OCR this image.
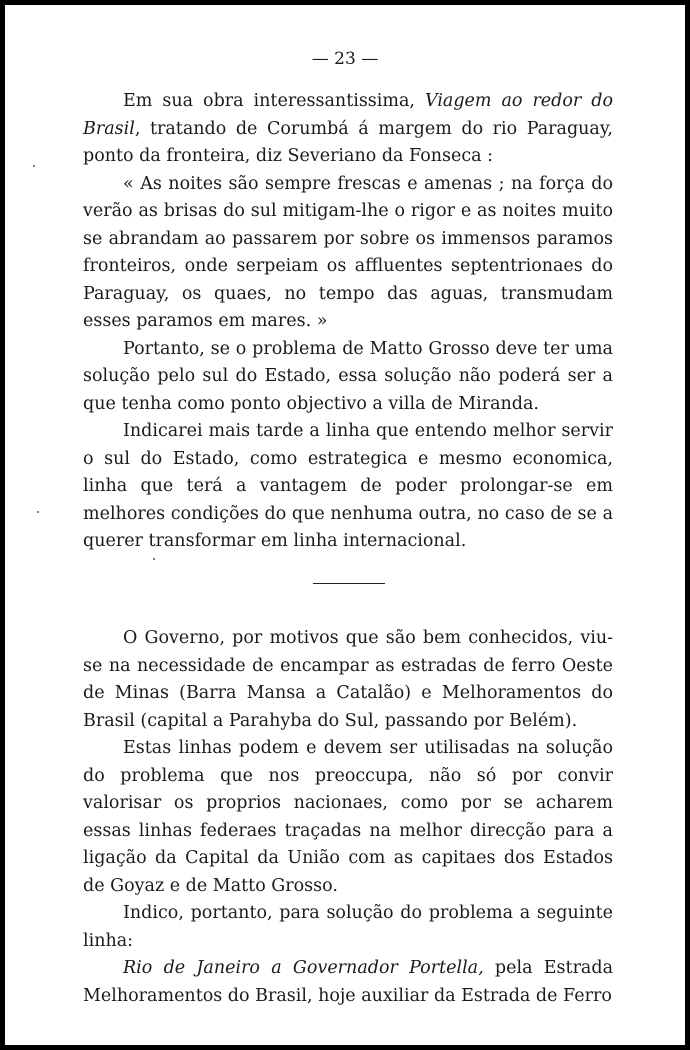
— 23 —

Em sua obra interessantissima, Viagem ao redor do Brasil, tratando de Corumbá á margem do rio Paraguay, ponto da fronteira, diz Severiano da Fonseca :

« As noites são sempre frescas e amenas ; na força do verão as brisas do sul mitigam-lhe o rigor e as noites muito se abrandam ao passarem por sobre os immensos paramos fronteiros, onde serpeiam os affluentes septentrionaes do Paraguay, os quaes, no tempo das aguas, transmudam esses paramos em mares. »

Portanto, se o problema de Matto Grosso deve ter uma solução pelo sul do Estado, essa solução não poderá ser a que tenha como ponto objectivo a villa de Miranda.

Indicarei mais tarde a linha que entendo melhor servir o sul do Estado, como estrategica e mesmo economica, linha que terá a vantagem de poder prolongar-se em melhores condições do que nenhuma outra, no caso de se a querer transformar em linha internacional.

O Governo, por motivos que são bem conhecidos, viu-se na necessidade de encampar as estradas de ferro Oeste de Minas (Barra Mansa a Catalão) e Melhoramentos do Brasil (capital a Parahyba do Sul, passando por Belém).

Estas linhas podem e devem ser utilisadas na solução do problema que nos preoccupa, não só por convir valorisar os proprios nacionaes, como por se acharem essas linhas federaes traçadas na melhor direcção para a ligação da Capital da União com as capitaes dos Estados de Goyaz e de Matto Grosso.

Indico, portanto, para solução do problema a seguinte linha:

Rio de Janeiro a Governador Portella, pela Estrada Melhoramentos do Brasil, hoje auxiliar da Estrada de Ferro
